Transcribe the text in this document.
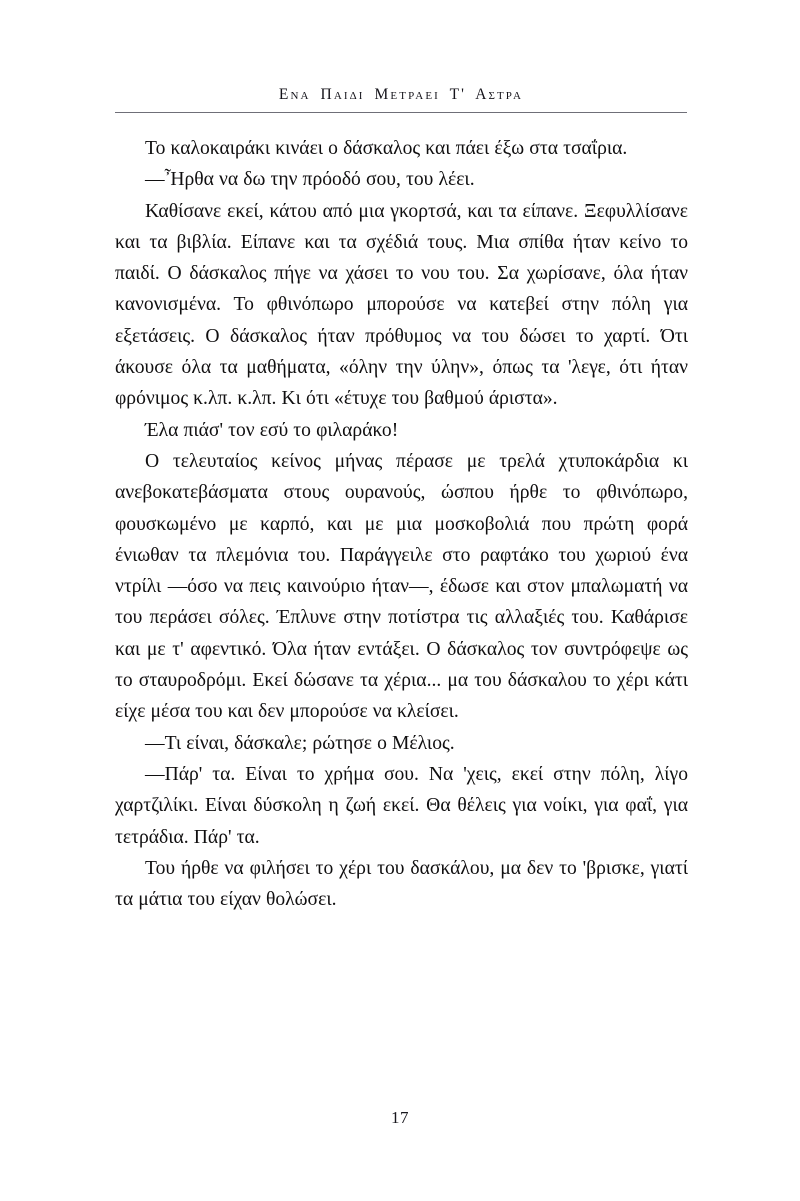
Ενα Παιδι Μετραει Τ' Αστρα

Το καλοκαιράκι κινάει ο δάσκαλος και πάει έξω στα τσαΐρια.

—Ἦρθα να δω την πρόοδό σου, του λέει.

Καθίσανε εκεί, κάτου από μια γκορτσά, και τα είπανε. Ξεφυλλίσανε και τα βιβλία. Είπανε και τα σχέδιά τους. Μια σπίθα ήταν κείνο το παιδί. Ο δάσκαλος πήγε να χάσει το νου του. Σα χωρίσανε, όλα ήταν κανονισμένα. Το φθινόπωρο μπορούσε να κατεβεί στην πόλη για εξετάσεις. Ο δάσκαλος ήταν πρόθυμος να του δώσει το χαρτί. Ότι άκουσε όλα τα μαθήματα, «όλην την ύλην», όπως τα 'λεγε, ότι ήταν φρόνιμος κ.λπ. κ.λπ. Κι ότι «έτυχε του βαθμού άριστα».

Έλα πιάσ' τον εσύ το φιλαράκο!

Ο τελευταίος κείνος μήνας πέρασε με τρελά χτυποκάρδια κι ανεβοκατεβάσματα στους ουρανούς, ώσπου ήρθε το φθινόπωρο, φουσκωμένο με καρπό, και με μια μοσκοβολιά που πρώτη φορά ένιωθαν τα πλεμόνια του. Παράγγειλε στο ραφτάκο του χωριού ένα ντρίλι —όσο να πεις καινούριο ήταν—, έδωσε και στον μπαλωματή να του περάσει σόλες. Έπλυνε στην ποτίστρα τις αλλαξιές του. Καθάρισε και με τ' αφεντικό. Όλα ήταν εντάξει. Ο δάσκαλος τον συντρόφεψε ως το σταυροδρόμι. Εκεί δώσανε τα χέρια... μα του δάσκαλου το χέρι κάτι είχε μέσα του και δεν μπορούσε να κλείσει.

—Τι είναι, δάσκαλε; ρώτησε ο Μέλιος.

—Πάρ' τα. Είναι το χρήμα σου. Να 'χεις, εκεί στην πόλη, λίγο χαρτζιλίκι. Είναι δύσκολη η ζωή εκεί. Θα θέλεις για νοίκι, για φαΐ, για τετράδια. Πάρ' τα.

Του ήρθε να φιλήσει το χέρι του δασκάλου, μα δεν το 'βρισκε, γιατί τα μάτια του είχαν θολώσει.

17
